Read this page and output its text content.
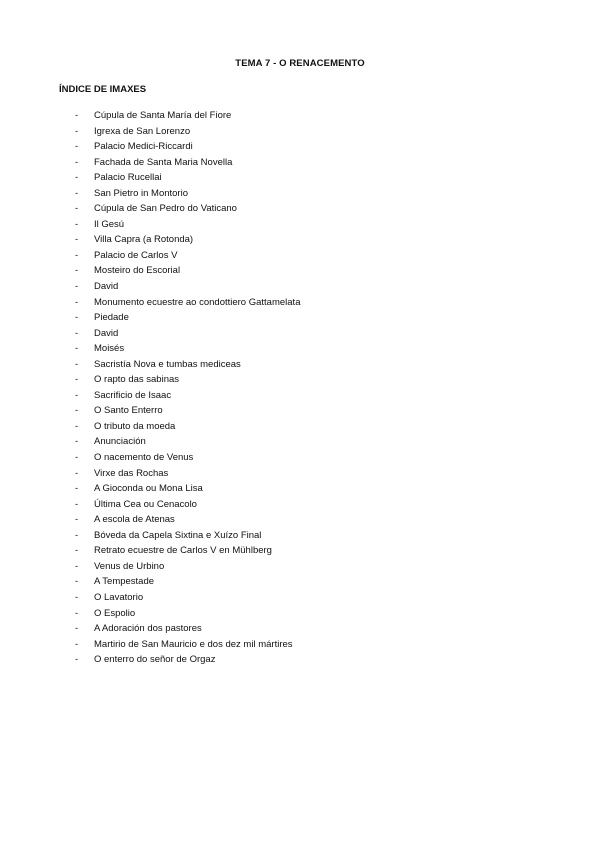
TEMA 7 - O RENACEMENTO
ÍNDICE DE IMAXES
- Cúpula de Santa María del Fiore
- Igrexa de San Lorenzo
- Palacio Medici-Riccardi
- Fachada de Santa Maria Novella
- Palacio Rucellai
- San Pietro in Montorio
- Cúpula de San Pedro do Vaticano
- Il Gesú
- Villa Capra (a Rotonda)
- Palacio de Carlos V
- Mosteiro do Escorial
- David
- Monumento ecuestre ao condottiero Gattamelata
- Piedade
- David
- Moisés
- Sacristía Nova e tumbas mediceas
- O rapto das sabinas
- Sacrificio de Isaac
- O Santo Enterro
- O tributo da moeda
- Anunciación
- O nacemento de Venus
- Virxe das Rochas
- A Gioconda ou Mona Lisa
- Última Cea ou Cenacolo
- A escola de Atenas
- Bóveda da Capela Sixtina e Xuízo Final
- Retrato ecuestre de Carlos V en Mühlberg
- Venus de Urbino
- A Tempestade
- O Lavatorio
- O Espolio
- A Adoración dos pastores
- Martirio de San Mauricio e dos dez mil mártires
- O enterro do señor de Orgaz
